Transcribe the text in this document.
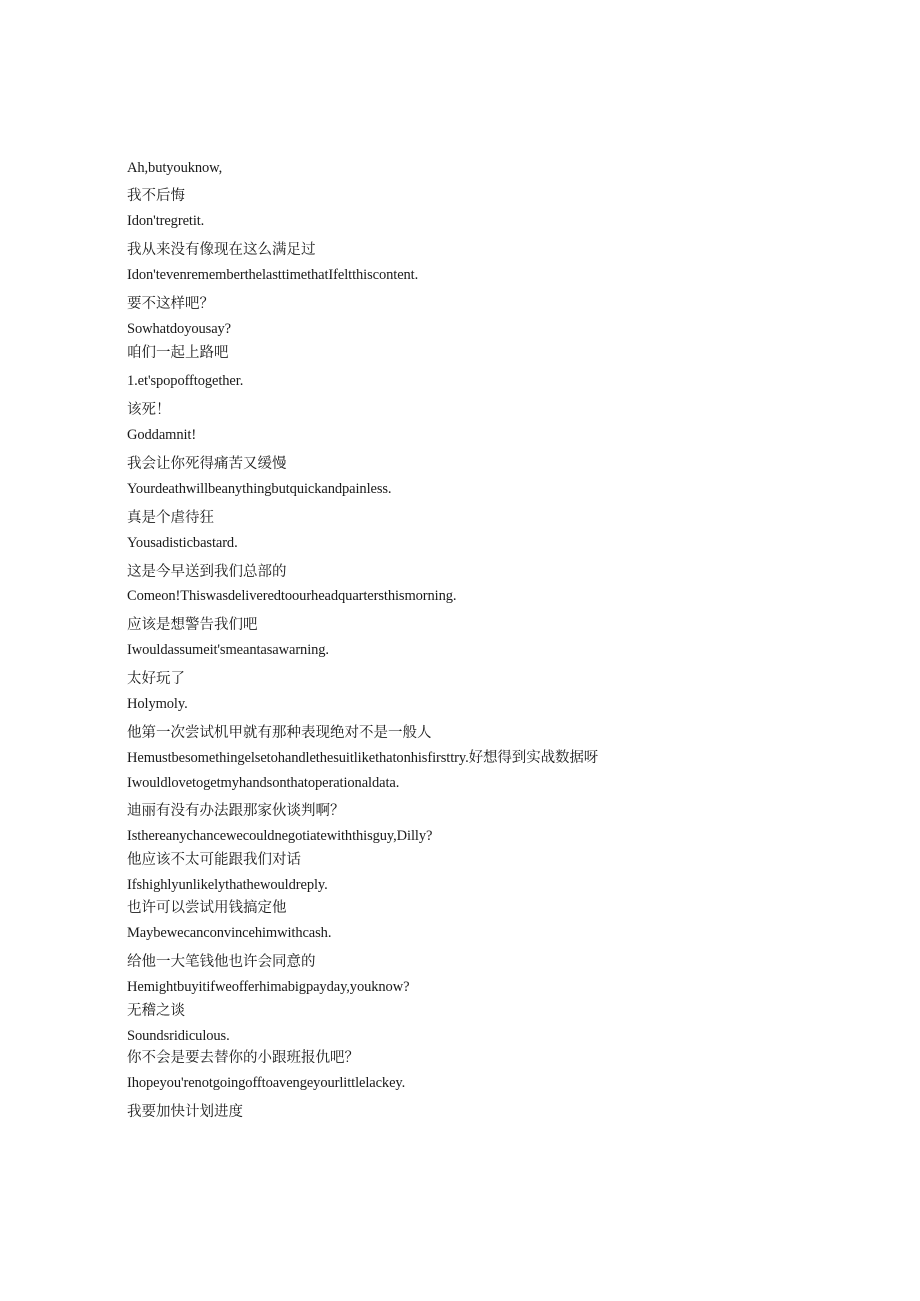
Ah,butyouknow,
我不后悔
Idon'tregretit.
我从来没有像现在这么满足过
Idon'tevenrememberthelasttimethatIfeltthiscontent.
要不这样吧？
Sowhatdoyousay?
咱们一起上路吧
1.et'spopofftogether.
该死！
Goddamnit!
我会让你死得痛苦又缓慢
Yourdeathwillbeanythingbutquickandpainless.
真是个虐待狂
Yousadisticbastard.
这是今早送到我们总部的
Comeon!Thiswasdeliveredtoourheadquartersthismorning.
应该是想警告我们吧
Iwouldassumeit'smeantasawarning.
太好玩了
Holymoly.
他第一次尝试机甲就有那种表现绝对不是一般人
Hemustbesomethingelsetohandlethesuitlikethatonhisfirsttry.好想得到实战数据呀
Iwouldlovetogetmyhandsonthatoperationaldata.
迪丽有没有办法跟那家伙谈判啊？
Isthereanychancewecouldnegotiatewiththisguy,Dilly?
他应该不太可能跟我们对话
Ifshighlyunlikelythathewouldreply.
也许可以尝试用钱搞定他
Maybewecanconvincehimwithcash.
给他一大笔钱他也许会同意的
Hemightbuyitifweofferhimabigpayday,youknow?
无稽之谈
Soundsridiculous.
你不会是要去替你的小跟班报仇吧？
Ihopeyou'renotgoingofftoavengeyourlittlelackey.
我要加快计划进度
